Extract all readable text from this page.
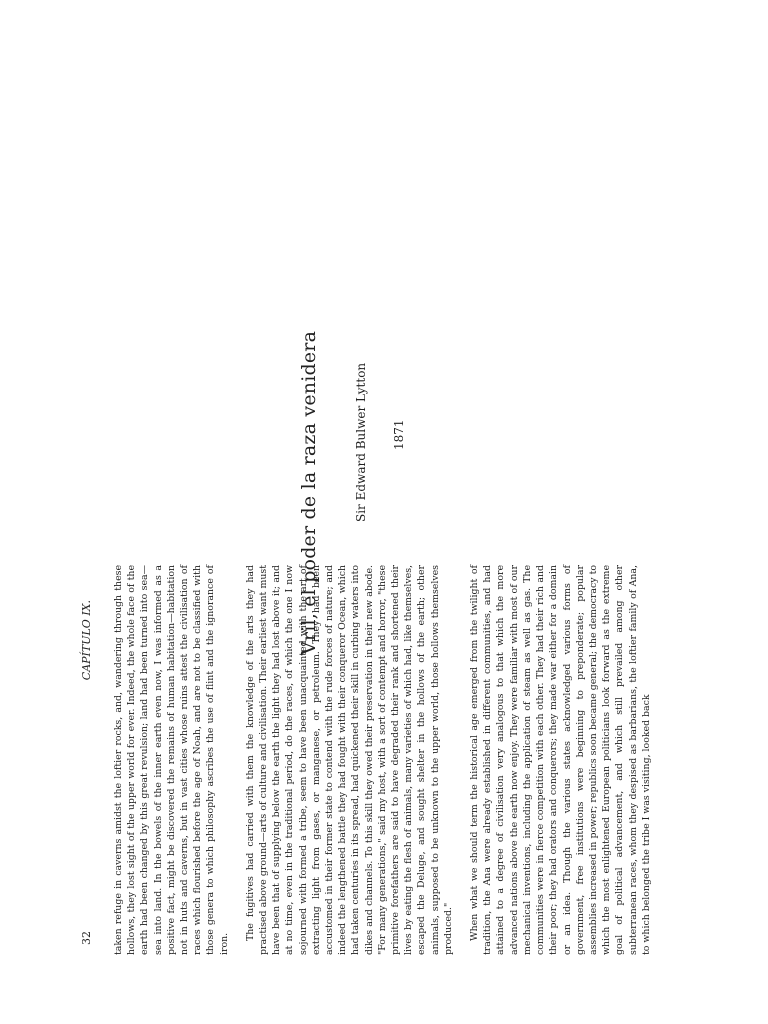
32
CAPÍTULO IX. taken refuge in caverns amidst the loftier rocks, and, wandering through these hollows, they lost sight of the upper world for ever. Indeed, the whole face of the earth had been changed by this great revulsion; land had been turned into sea—sea into land. In the bowels of the inner earth even now, I was informed as a positive fact, might be discovered the remains of human habitation—habitation not in huts and caverns, but in vast cities whose ruins attest the civilisation of races which flourished before the age of Noah, and are not to be classified with those genera to which philosophy ascribes the use of flint and the ignorance of iron.

The fugitives had carried with them the knowledge of the arts they had practised above ground—arts of culture and civilisation. Their earliest want must have been that of supplying below the earth the light they had lost above it; and at no time, even in the traditional period, do the races, of which the one I now sojourned with formed a tribe, seem to have been unacquainted with the art of extracting light from gases, or manganese, or petroleum. They had been accustomed in their former state to contend with the rude forces of nature; and indeed the lengthened battle they had fought with their conqueror Ocean, which had taken centuries in its spread, had quickened their skill in curbing waters into dikes and channels. To this skill they owed their preservation in their new abode. "For many generations," said my host, with a sort of contempt and horror, "these primitive forefathers are said to have degraded their rank and shortened their lives by eating the flesh of animals, many varieties of which had, like themselves, escaped the Deluge, and sought shelter in the hollows of the earth; other animals, supposed to be unknown to the upper world, those hollows themselves produced." When what we should term the historical age emerged from the twilight of tradition, the Ana were already established in different communities, and had attained to a degree of civilisation very analogous to that which the more advanced nations above the earth now enjoy. They were familiar with most of our mechanical inventions, including the application of steam as well as gas. The communities were in fierce competition with each other. They had their rich and their poor; they had orators and conquerors; they made war either for a domain or an idea. Though the various states acknowledged various forms of government, free institutions were beginning to preponderate; popular assemblies increased in power; republics soon became general; the democracy to which the most enlightened European politicians look forward as the extreme goal of political advancement, and which still prevailed among other subterranean races, whom they despised as barbarians, the loftier family of Ana, to which belonged the tribe I was visiting, looked back

Vril, el poder de la raza venidera	Sir Edward Bulwer Lytton 1871
